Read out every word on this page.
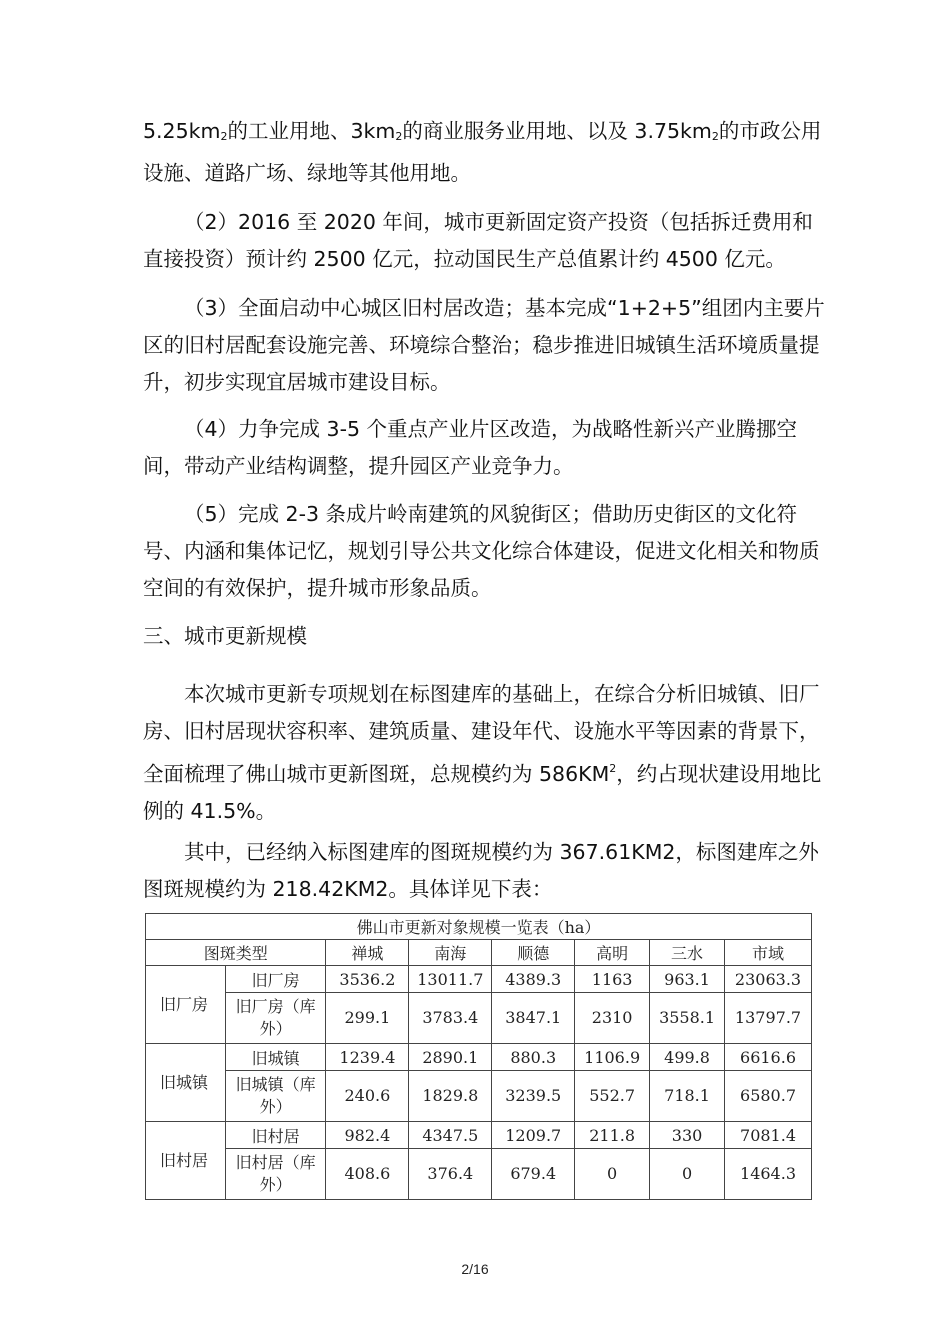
$5.25km_2$的工业用地、$3km_2$的商业服务业用地、以及 $3.75km_2$的市政公用设施、道路广场、绿地等其他用地。

（2）2016 至 2020 年间，城市更新固定资产投资（包括拆迁费用和直接投资）预计约 2500 亿元，拉动国民生产总值累计约 4500 亿元。

（3）全面启动中心城区旧村居改造；基本完成“1+2+5”组团内主要片区的旧村居配套设施完善、环境综合整治；稳步推进旧城镇生活环境质量提升，初步实现宜居城市建设目标。

（4）力争完成 3-5 个重点产业片区改造，为战略性新兴产业腾挪空间，带动产业结构调整，提升园区产业竞争力。

（5）完成 2-3 条成片岭南建筑的风貌街区；借助历史街区的文化符号、内涵和集体记忆，规划引导公共文化综合体建设，促进文化相关和物质空间的有效保护，提升城市形象品质。

三、城市更新规模

本次城市更新专项规划在标图建库的基础上，在综合分析旧城镇、旧厂房、旧村居现状容积率、建筑质量、建设年代、设施水平等因素的背景下，全面梳理了佛山城市更新图斑，总规模约为 $586KM^2$，约占现状建设用地比例的 41.5%。

其中，已经纳入标图建库的图斑规模约为 367.61KM2，标图建库之外图斑规模约为 218.42KM2。具体详见下表：

佛山市更新对象规模一览表（ha）							
图斑类型		禅城	南海	顺德	高明	三水	市域
旧厂房	旧厂房	3536.2	13011.7	4389.3	1163	963.1	23063.3
	旧厂房（库外）	299.1	3783.4	3847.1	2310	3558.1	13797.7
旧城镇	旧城镇	1239.4	2890.1	880.3	1106.9	499.8	6616.6
	旧城镇（库外）	240.6	1829.8	3239.5	552.7	718.1	6580.7
旧村居	旧村居	982.4	4347.5	1209.7	211.8	330	7081.4
	旧村居（库外）	408.6	376.4	679.4	0	0	1464.3
2/16
